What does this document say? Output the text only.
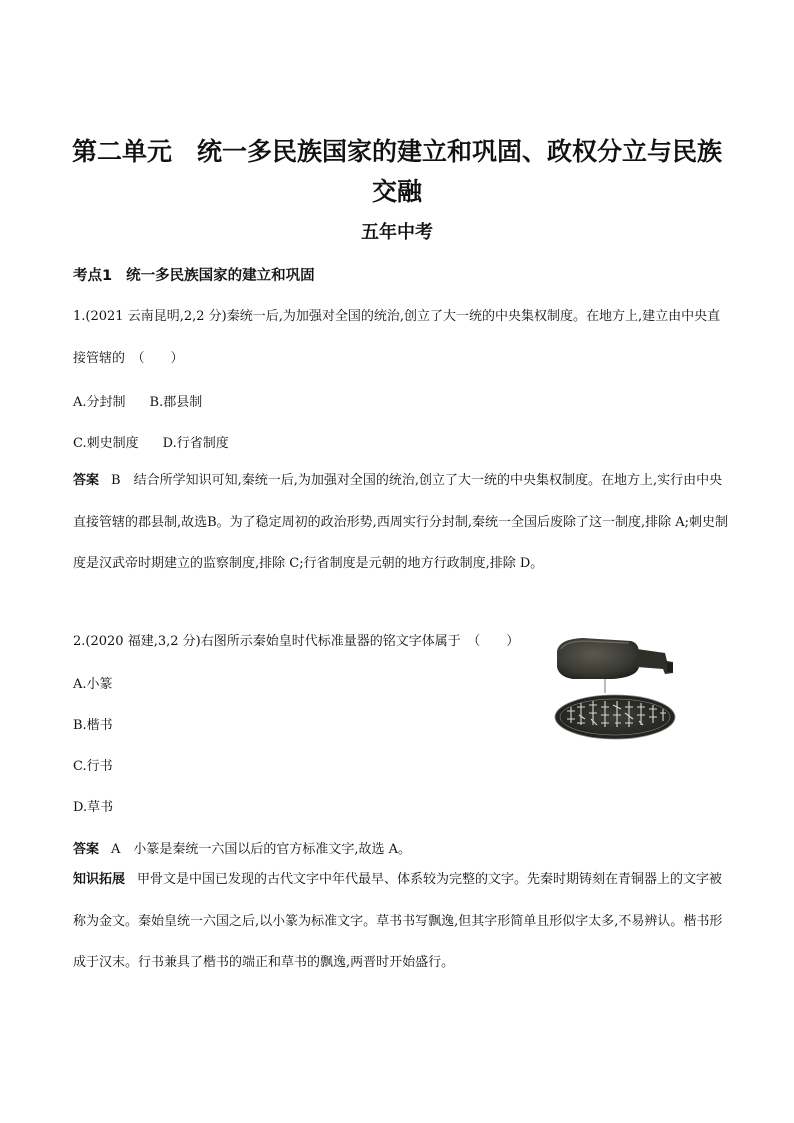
第二单元　统一多民族国家的建立和巩固、政权分立与民族交融
五年中考
考点1 统一多民族国家的建立和巩固
1.(2021 云南昆明,2,2 分)秦统一后,为加强对全国的统治,创立了大一统的中央集权制度。在地方上,建立由中央直接管辖的　（　　）
A.分封制 B.郡县制
C.刺史制度 D.行省制度
答案 B　结合所学知识可知,秦统一后,为加强对全国的统治,创立了大一统的中央集权制度。在地方上,实行由中央直接管辖的郡县制,故选B。为了稳定周初的政治形势,西周实行分封制,秦统一全国后废除了这一制度,排除 A;刺史制度是汉武帝时期建立的监察制度,排除 C;行省制度是元朝的地方行政制度,排除 D。
2.(2020 福建,3,2 分)右图所示秦始皇时代标准量器的铭文字体属于　（　　）
A.小篆
B.楷书
C.行书
D.草书
答案 A　小篆是秦统一六国以后的官方标准文字,故选 A。
知识拓展 甲骨文是中国已发现的古代文字中年代最早、体系较为完整的文字。先秦时期铸刻在青铜器上的文字被称为金文。秦始皇统一六国之后,以小篆为标准文字。草书书写飘逸,但其字形简单且形似字太多,不易辨认。楷书形成于汉末。行书兼具了楷书的端正和草书的飘逸,两晋时开始盛行。
